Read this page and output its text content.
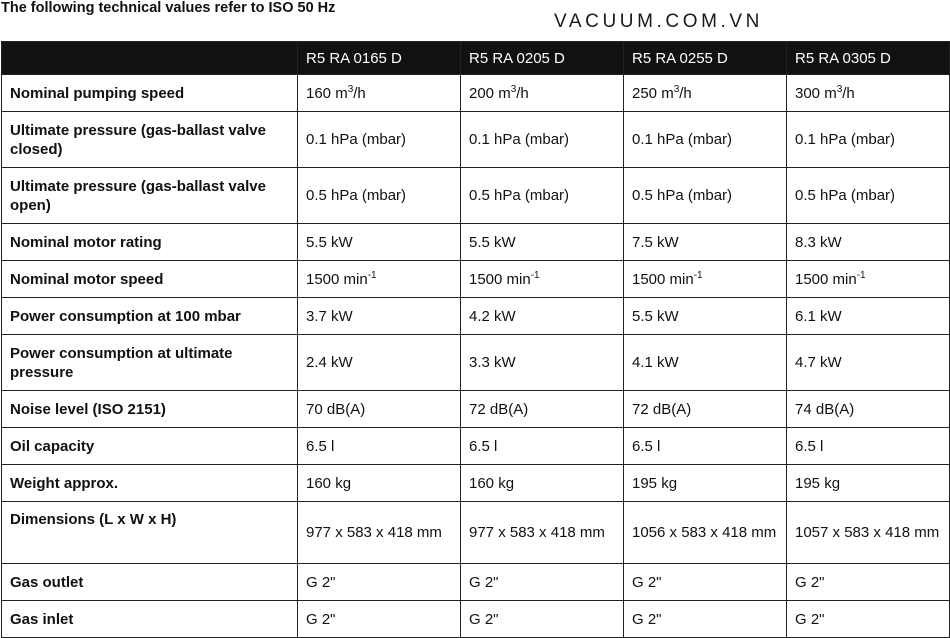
The following technical values refer to ISO 50 Hz
VACUUM.COM.VN
	R5 RA 0165 D	R5 RA 0205 D	R5 RA 0255 D	R5 RA 0305 D
Nominal pumping speed	160 $m^3/h$	200 $m^3/h$	250 $m^3/h$	300 $m^3/h$
Ultimate pressure (gas-ballast valve closed)	0.1 hPa (mbar)	0.1 hPa (mbar)	0.1 hPa (mbar)	0.1 hPa (mbar)
Ultimate pressure (gas-ballast valve open)	0.5 hPa (mbar)	0.5 hPa (mbar)	0.5 hPa (mbar)	0.5 hPa (mbar)
Nominal motor rating	5.5 kW	5.5 kW	7.5 kW	8.3 kW
Nominal motor speed	1500 $\min^{-1}$	1500 $\min^{-1}$	1500 $\min^{-1}$	1500 $\min^{-1}$
Power consumption at 100 mbar	3.7 kW	4.2 kW	5.5 kW	6.1 kW
Power consumption at ultimate pressure	2.4 kW	3.3 kW	4.1 kW	4.7 kW
Noise level (ISO 2151)	70 dB(A)	72 dB(A)	72 dB(A)	74 dB(A)
Oil capacity	6.5 l	6.5 l	6.5 l	6.5 l
Weight approx.	160 kg	160 kg	195 kg	195 kg
Dimensions (L x W x H)	977 x 583 x 418 mm	977 x 583 x 418 mm	1056 x 583 x 418 mm	1057 x 583 x 418 mm
Gas outlet	G 2"	G 2"	G 2"	G 2"
Gas inlet	G 2"	G 2"	G 2"	G 2"
